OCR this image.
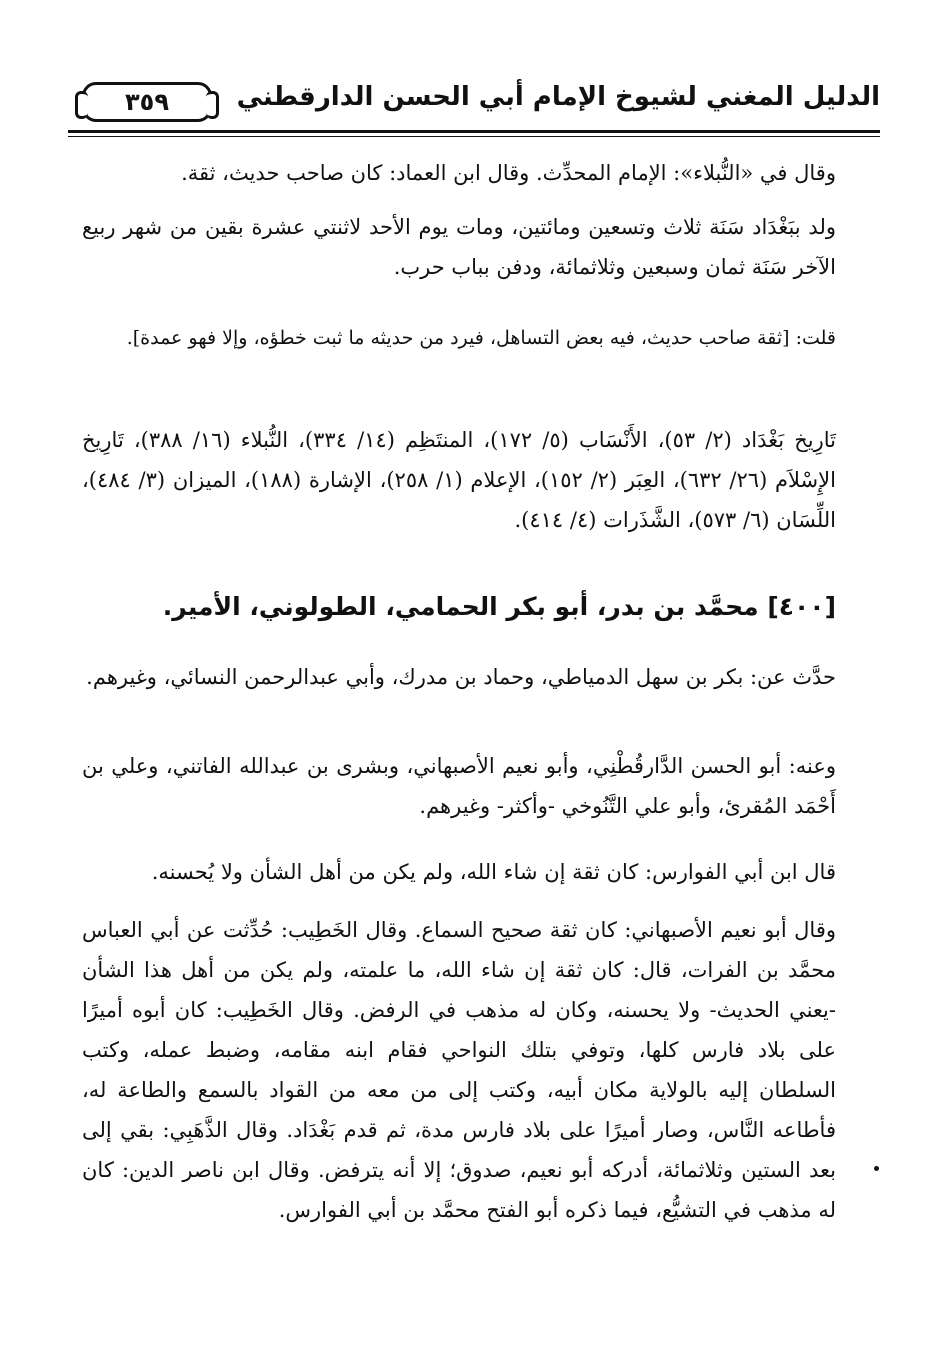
الدليل المغني لشيوخ الإمام أبي الحسن الدارقطني
٣٥٩

وقال في «النُّبلاء»: الإمام المحدِّث. وقال ابن العماد: كان صاحب حديث، ثقة.

ولد ببَغْدَاد سَنَة ثلاث وتسعين ومائتين، ومات يوم الأحد لاثنتي عشرة بقين من شهر ربيع الآخر سَنَة ثمان وسبعين وثلاثمائة، ودفن بباب حرب.

قلت: [ثقة صاحب حديث، فيه بعض التساهل، فيرد من حديثه ما ثبت خطؤه، وإلا فهو عمدة].

تَارِيخ بَغْدَاد (٢/ ٥٣)، الأَنْسَاب (٥/ ١٧٢)، المنتَظِم (١٤/ ٣٣٤)، النُّبلاء (١٦/ ٣٨٨)، تَارِيخ الإِسْلاَم (٢٦/ ٦٣٢)، العِبَر (٢/ ١٥٢)، الإعلام (١/ ٢٥٨)، الإشارة (١٨٨)، الميزان (٣/ ٤٨٤)، اللِّسَان (٦/ ٥٧٣)، الشَّذَرات (٤/ ٤١٤).

[٤٠٠] محمَّد بن بدر، أبو بكر الحمامي، الطولوني، الأمير.

حدَّث عن: بكر بن سهل الدمياطي، وحماد بن مدرك، وأبي عبدالرحمن النسائي، وغيرهم.

وعنه: أبو الحسن الدَّارقُطْنِي، وأبو نعيم الأصبهاني، وبشرى بن عبدالله الفاتني، وعلي بن أَحْمَد المُقرئ، وأبو علي التَّنُوخي -وأكثر- وغيرهم.

قال ابن أبي الفوارس: كان ثقة إن شاء الله، ولم يكن من أهل الشأن ولا يُحسنه.

وقال أبو نعيم الأصبهاني: كان ثقة صحيح السماع. وقال الخَطِيب: حُدِّثت عن أبي العباس محمَّد بن الفرات، قال: كان ثقة إن شاء الله، ما علمته، ولم يكن من أهل هذا الشأن -يعني الحديث- ولا يحسنه، وكان له مذهب في الرفض. وقال الخَطِيب: كان أبوه أميرًا على بلاد فارس كلها، وتوفي بتلك النواحي فقام ابنه مقامه، وضبط عمله، وكتب السلطان إليه بالولاية مكان أبيه، وكتب إلى من معه من القواد بالسمع والطاعة له، فأطاعه النَّاس، وصار أميرًا على بلاد فارس مدة، ثم قدم بَغْدَاد. وقال الذَّهَبِي: بقي إلى بعد الستين وثلاثمائة، أدركه أبو نعيم، صدوق؛ إلا أنه يترفض. وقال ابن ناصر الدين: كان له مذهب في التشيُّع، فيما ذكره أبو الفتح محمَّد بن أبي الفوارس.
